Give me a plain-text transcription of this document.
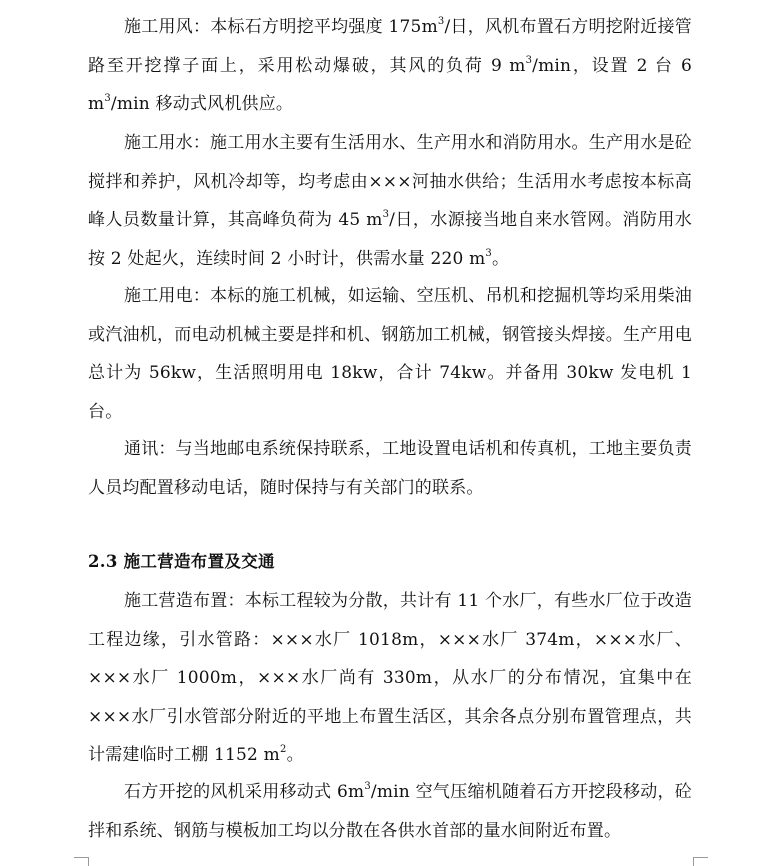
施工用风：本标石方明挖平均强度 $175m^3/$日，风机布置石方明挖附近接管路至开挖撑子面上，采用松动爆破，其风的负荷 9 $m^3/\min$，设置 2 台 6 $m^3/\min$ 移动式风机供应。

施工用水：施工用水主要有生活用水、生产用水和消防用水。生产用水是砼搅拌和养护，风机冷却等，均考虑由×××河抽水供给；生活用水考虑按本标高峰人员数量计算，其高峰负荷为 45 $m^3/$日，水源接当地自来水管网。消防用水按 2 处起火，连续时间 2 小时计，供需水量 220 $m^3$。

施工用电：本标的施工机械，如运输、空压机、吊机和挖掘机等均采用柴油或汽油机，而电动机械主要是拌和机、钢筋加工机械，钢管接头焊接。生产用电总计为 56kw，生活照明用电 18kw，合计 74kw。并备用 30kw 发电机 1 台。

通讯：与当地邮电系统保持联系，工地设置电话机和传真机，工地主要负责人员均配置移动电话，随时保持与有关部门的联系。

2.3 施工营造布置及交通

施工营造布置：本标工程较为分散，共计有 11 个水厂，有些水厂位于改造工程边缘，引水管路：×××水厂 1018m，×××水厂 374m，×××水厂、×××水厂 1000m，×××水厂尚有 330m，从水厂的分布情况，宜集中在×××水厂引水管部分附近的平地上布置生活区，其余各点分别布置管理点，共计需建临时工棚 1152 $m^2$。

石方开挖的风机采用移动式 $6m^3/\min$ 空气压缩机随着石方开挖段移动，砼拌和系统、钢筋与模板加工均以分散在各供水首部的量水间附近布置。
